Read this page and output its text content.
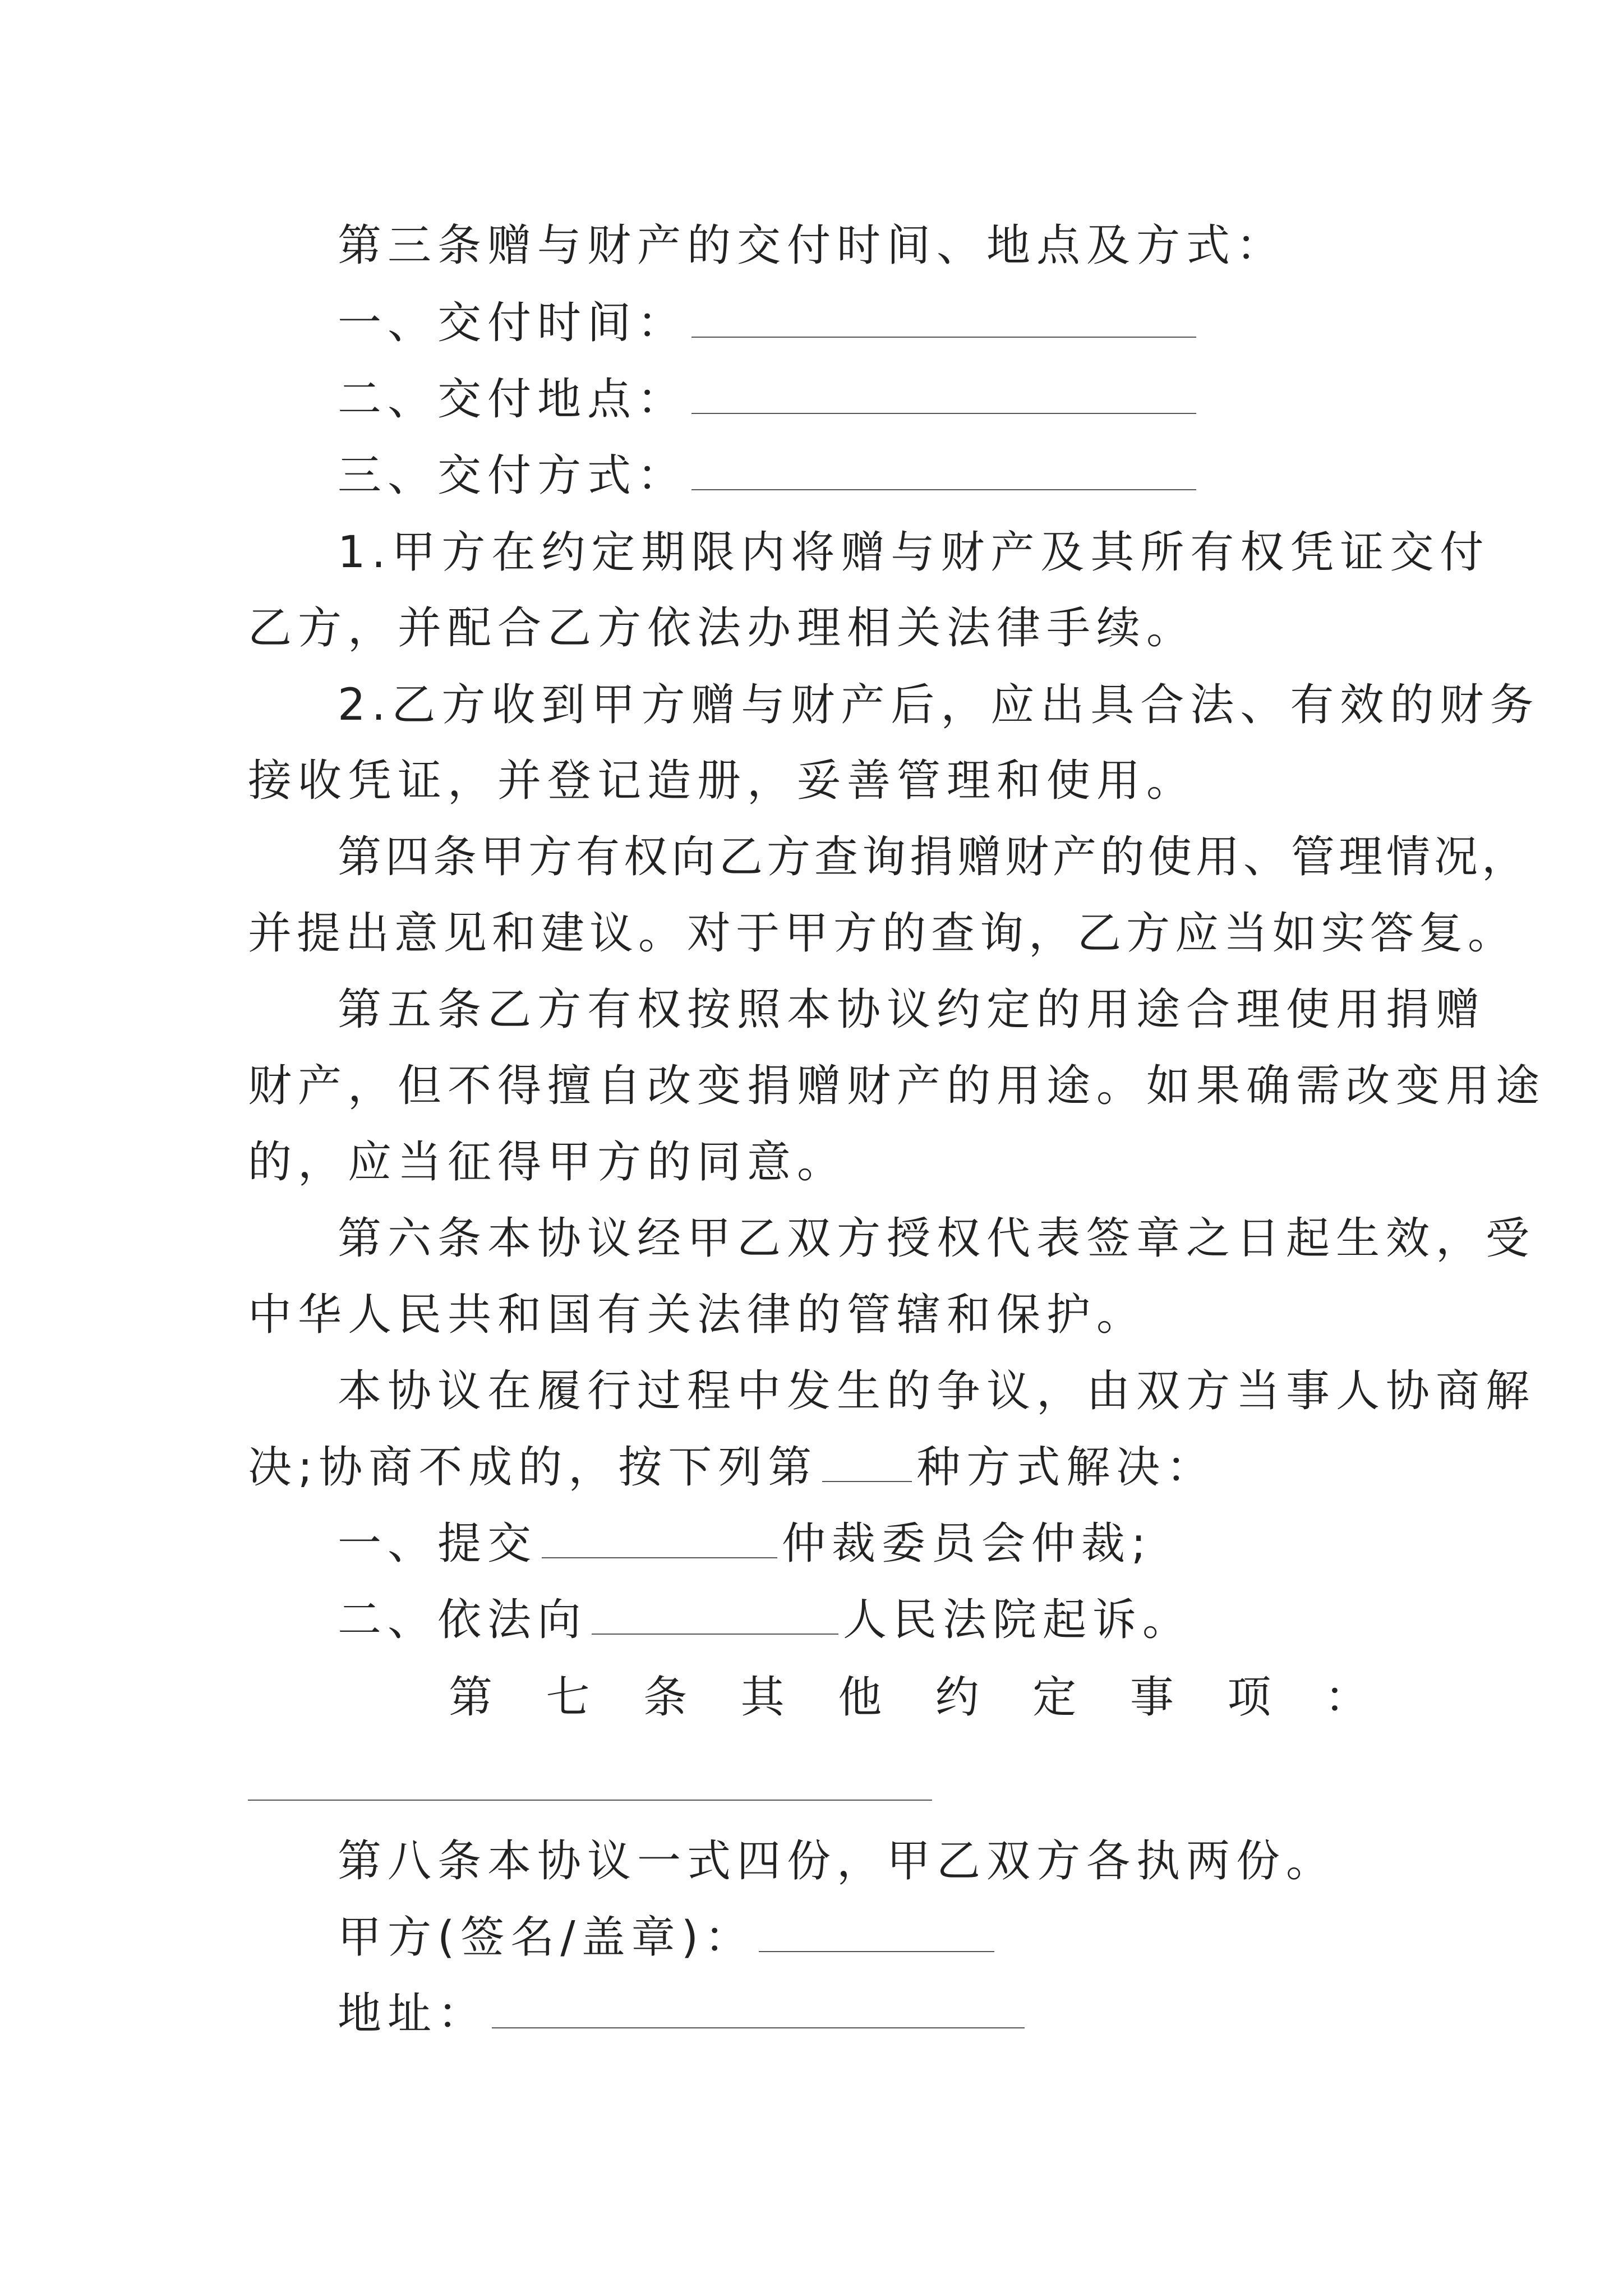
第三条赠与财产的交付时间、地点及方式：
一、交付时间：
二、交付地点：
三、交付方式：
1.甲方在约定期限内将赠与财产及其所有权凭证交付
乙方，并配合乙方依法办理相关法律手续。
2.乙方收到甲方赠与财产后，应出具合法、有效的财务
接收凭证，并登记造册，妥善管理和使用。
第四条甲方有权向乙方查询捐赠财产的使用、管理情况，
并提出意见和建议。对于甲方的查询，乙方应当如实答复。
第五条乙方有权按照本协议约定的用途合理使用捐赠
财产，但不得擅自改变捐赠财产的用途。如果确需改变用途
的，应当征得甲方的同意。
第六条本协议经甲乙双方授权代表签章之日起生效，受
中华人民共和国有关法律的管辖和保护。
本协议在履行过程中发生的争议，由双方当事人协商解
决;协商不成的，按下列第 种方式解决：
一、提交	仲裁委员会仲裁;
二、依法向	人民法院起诉。
第 七 条 其 他 约 定 事 项 ：
第八条本协议一式四份，甲乙双方各执两份。
甲方(签名/盖章)：
地址：
